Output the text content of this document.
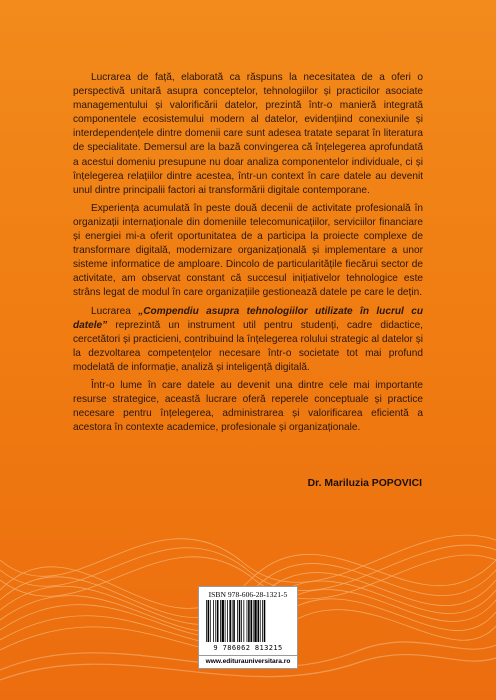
Lucrarea de față, elaborată ca răspuns la necesitatea de a oferi o perspectivă unitară asupra conceptelor, tehnologiilor și practicilor asociate managementului și valorificării datelor, prezintă într-o manieră integrată componentele ecosistemului modern al datelor, evidențiind conexiunile și interdependențele dintre domenii care sunt adesea tratate separat în literatura de specialitate. Demersul are la bază convingerea că înțelegerea aprofundată a acestui domeniu presupune nu doar analiza componentelor individuale, ci și înțelegerea relațiilor dintre acestea, într-un context în care datele au devenit unul dintre principalii factori ai transformării digitale contemporane.

Experiența acumulată în peste două decenii de activitate profesională în organizații internaționale din domeniile telecomunicațiilor, serviciilor financiare și energiei mi-a oferit oportunitatea de a participa la proiecte complexe de transformare digitală, modernizare organizațională și implementare a unor sisteme informatice de amploare. Dincolo de particularitățile fiecărui sector de activitate, am observat constant că succesul inițiativelor tehnologice este strâns legat de modul în care organizațiile gestionează datele pe care le dețin.

Lucrarea „Compendiu asupra tehnologiilor utilizate în lucrul cu datele” reprezintă un instrument util pentru studenți, cadre didactice, cercetători și practicieni, contribuind la înțelegerea rolului strategic al datelor și la dezvoltarea competențelor necesare într-o societate tot mai profund modelată de informație, analiză și inteligență digitală.

Într-o lume în care datele au devenit una dintre cele mai importante resurse strategice, această lucrare oferă reperele conceptuale și practice necesare pentru înțelegerea, administrarea și valorificarea eficientă a acestora în contexte academice, profesionale și organizaționale.

Dr. Mariluzia POPOVICI
ISBN 978-606-28-1321-5
9 786062 813215
www.editurauniversitara.ro
